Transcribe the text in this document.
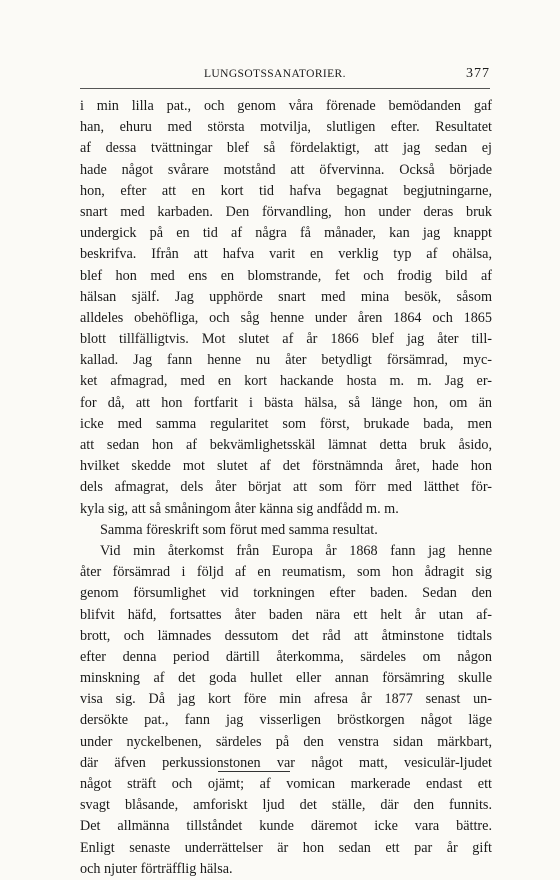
LUNGSOTSSANATORIER.	377
i min lilla pat., och genom våra förenade bemödanden gaf
han, ehuru med största motvilja, slutligen efter. Resultatet
af dessa tvättningar blef så fördelaktigt, att jag sedan ej
hade något svårare motstånd att öfvervinna. Också började
hon, efter att en kort tid hafva begagnat begjutningarne,
snart med karbaden. Den förvandling, hon under deras bruk
undergick på en tid af några få månader, kan jag knappt
beskrifva. Ifrån att hafva varit en verklig typ af ohälsa,
blef hon med ens en blomstrande, fet och frodig bild af
hälsan själf. Jag upphörde snart med mina besök, såsom
alldeles obehöfliga, och såg henne under åren 1864 och 1865
blott tillfälligtvis. Mot slutet af år 1866 blef jag åter till-
kallad. Jag fann henne nu åter betydligt försämrad, myc-
ket afmagrad, med en kort hackande hosta m. m. Jag er-
for då, att hon fortfarit i bästa hälsa, så länge hon, om än
icke med samma regularitet som först, brukade bada, men
att sedan hon af bekvämlighetsskäl lämnat detta bruk åsido,
hvilket skedde mot slutet af det förstnämnda året, hade hon
dels afmagrat, dels åter börjat att som förr med lätthet för-
kyla sig, att så småningom åter känna sig andfådd m. m.
Samma föreskrift som förut med samma resultat.
Vid min återkomst från Europa år 1868 fann jag henne
åter försämrad i följd af en reumatism, som hon ådragit sig
genom försumlighet vid torkningen efter baden. Sedan den
blifvit häfd, fortsattes åter baden nära ett helt år utan af-
brott, och lämnades dessutom det råd att åtminstone tidtals
efter denna period därtill återkomma, särdeles om någon
minskning af det goda hullet eller annan försämring skulle
visa sig. Då jag kort före min afresa år 1877 senast un-
dersökte pat., fann jag visserligen bröstkorgen något läge
under nyckelbenen, särdeles på den venstra sidan märkbart,
där äfven perkussionstonen var något matt, vesiculär-ljudet
något sträft och ojämt; af vomican markerade endast ett
svagt blåsande, amforiskt ljud det ställe, där den funnits.
Det allmänna tillståndet kunde däremot icke vara bättre.
Enligt senaste underrättelser är hon sedan ett par år gift
och njuter förträfflig hälsa.
